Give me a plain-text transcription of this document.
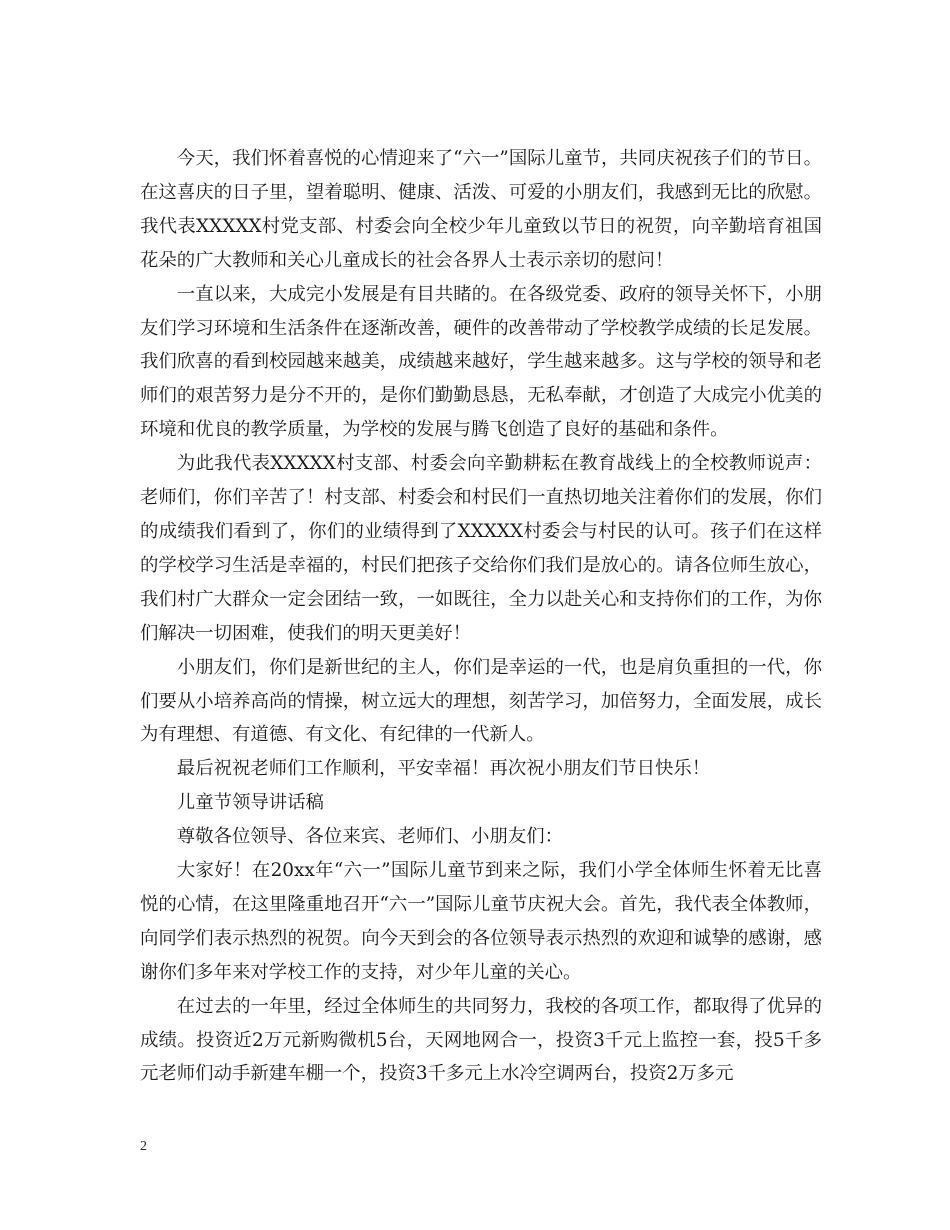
今天，我们怀着喜悦的心情迎来了“六一”国际儿童节，共同庆祝孩子们的节日。在这喜庆的日子里，望着聪明、健康、活泼、可爱的小朋友们，我感到无比的欣慰。我代表XXXXX村党支部、村委会向全校少年儿童致以节日的祝贺，向辛勤培育祖国花朵的广大教师和关心儿童成长的社会各界人士表示亲切的慰问！

一直以来，大成完小发展是有目共睹的。在各级党委、政府的领导关怀下，小朋友们学习环境和生活条件在逐渐改善，硬件的改善带动了学校教学成绩的长足发展。我们欣喜的看到校园越来越美，成绩越来越好，学生越来越多。这与学校的领导和老师们的艰苦努力是分不开的，是你们勤勤恳恳，无私奉献，才创造了大成完小优美的环境和优良的教学质量，为学校的发展与腾飞创造了良好的基础和条件。

为此我代表XXXXX村支部、村委会向辛勤耕耘在教育战线上的全校教师说声：老师们，你们辛苦了！村支部、村委会和村民们一直热切地关注着你们的发展，你们的成绩我们看到了，你们的业绩得到了XXXXX村委会与村民的认可。孩子们在这样的学校学习生活是幸福的，村民们把孩子交给你们我们是放心的。请各位师生放心，我们村广大群众一定会团结一致，一如既往，全力以赴关心和支持你们的工作，为你们解决一切困难，使我们的明天更美好！

小朋友们，你们是新世纪的主人，你们是幸运的一代，也是肩负重担的一代，你们要从小培养高尚的情操，树立远大的理想，刻苦学习，加倍努力，全面发展，成长为有理想、有道德、有文化、有纪律的一代新人。

最后祝祝老师们工作顺利，平安幸福！再次祝小朋友们节日快乐！

儿童节领导讲话稿

尊敬各位领导、各位来宾、老师们、小朋友们：

大家好！在20xx年“六一”国际儿童节到来之际，我们小学全体师生怀着无比喜悦的心情，在这里隆重地召开“六一”国际儿童节庆祝大会。首先，我代表全体教师，向同学们表示热烈的祝贺。向今天到会的各位领导表示热烈的欢迎和诚挚的感谢，感谢你们多年来对学校工作的支持，对少年儿童的关心。

在过去的一年里，经过全体师生的共同努力，我校的各项工作，都取得了优异的成绩。投资近2万元新购微机5台，天网地网合一，投资3千元上监控一套，投5千多元老师们动手新建车棚一个，投资3千多元上水冷空调两台，投资2万多元

2
